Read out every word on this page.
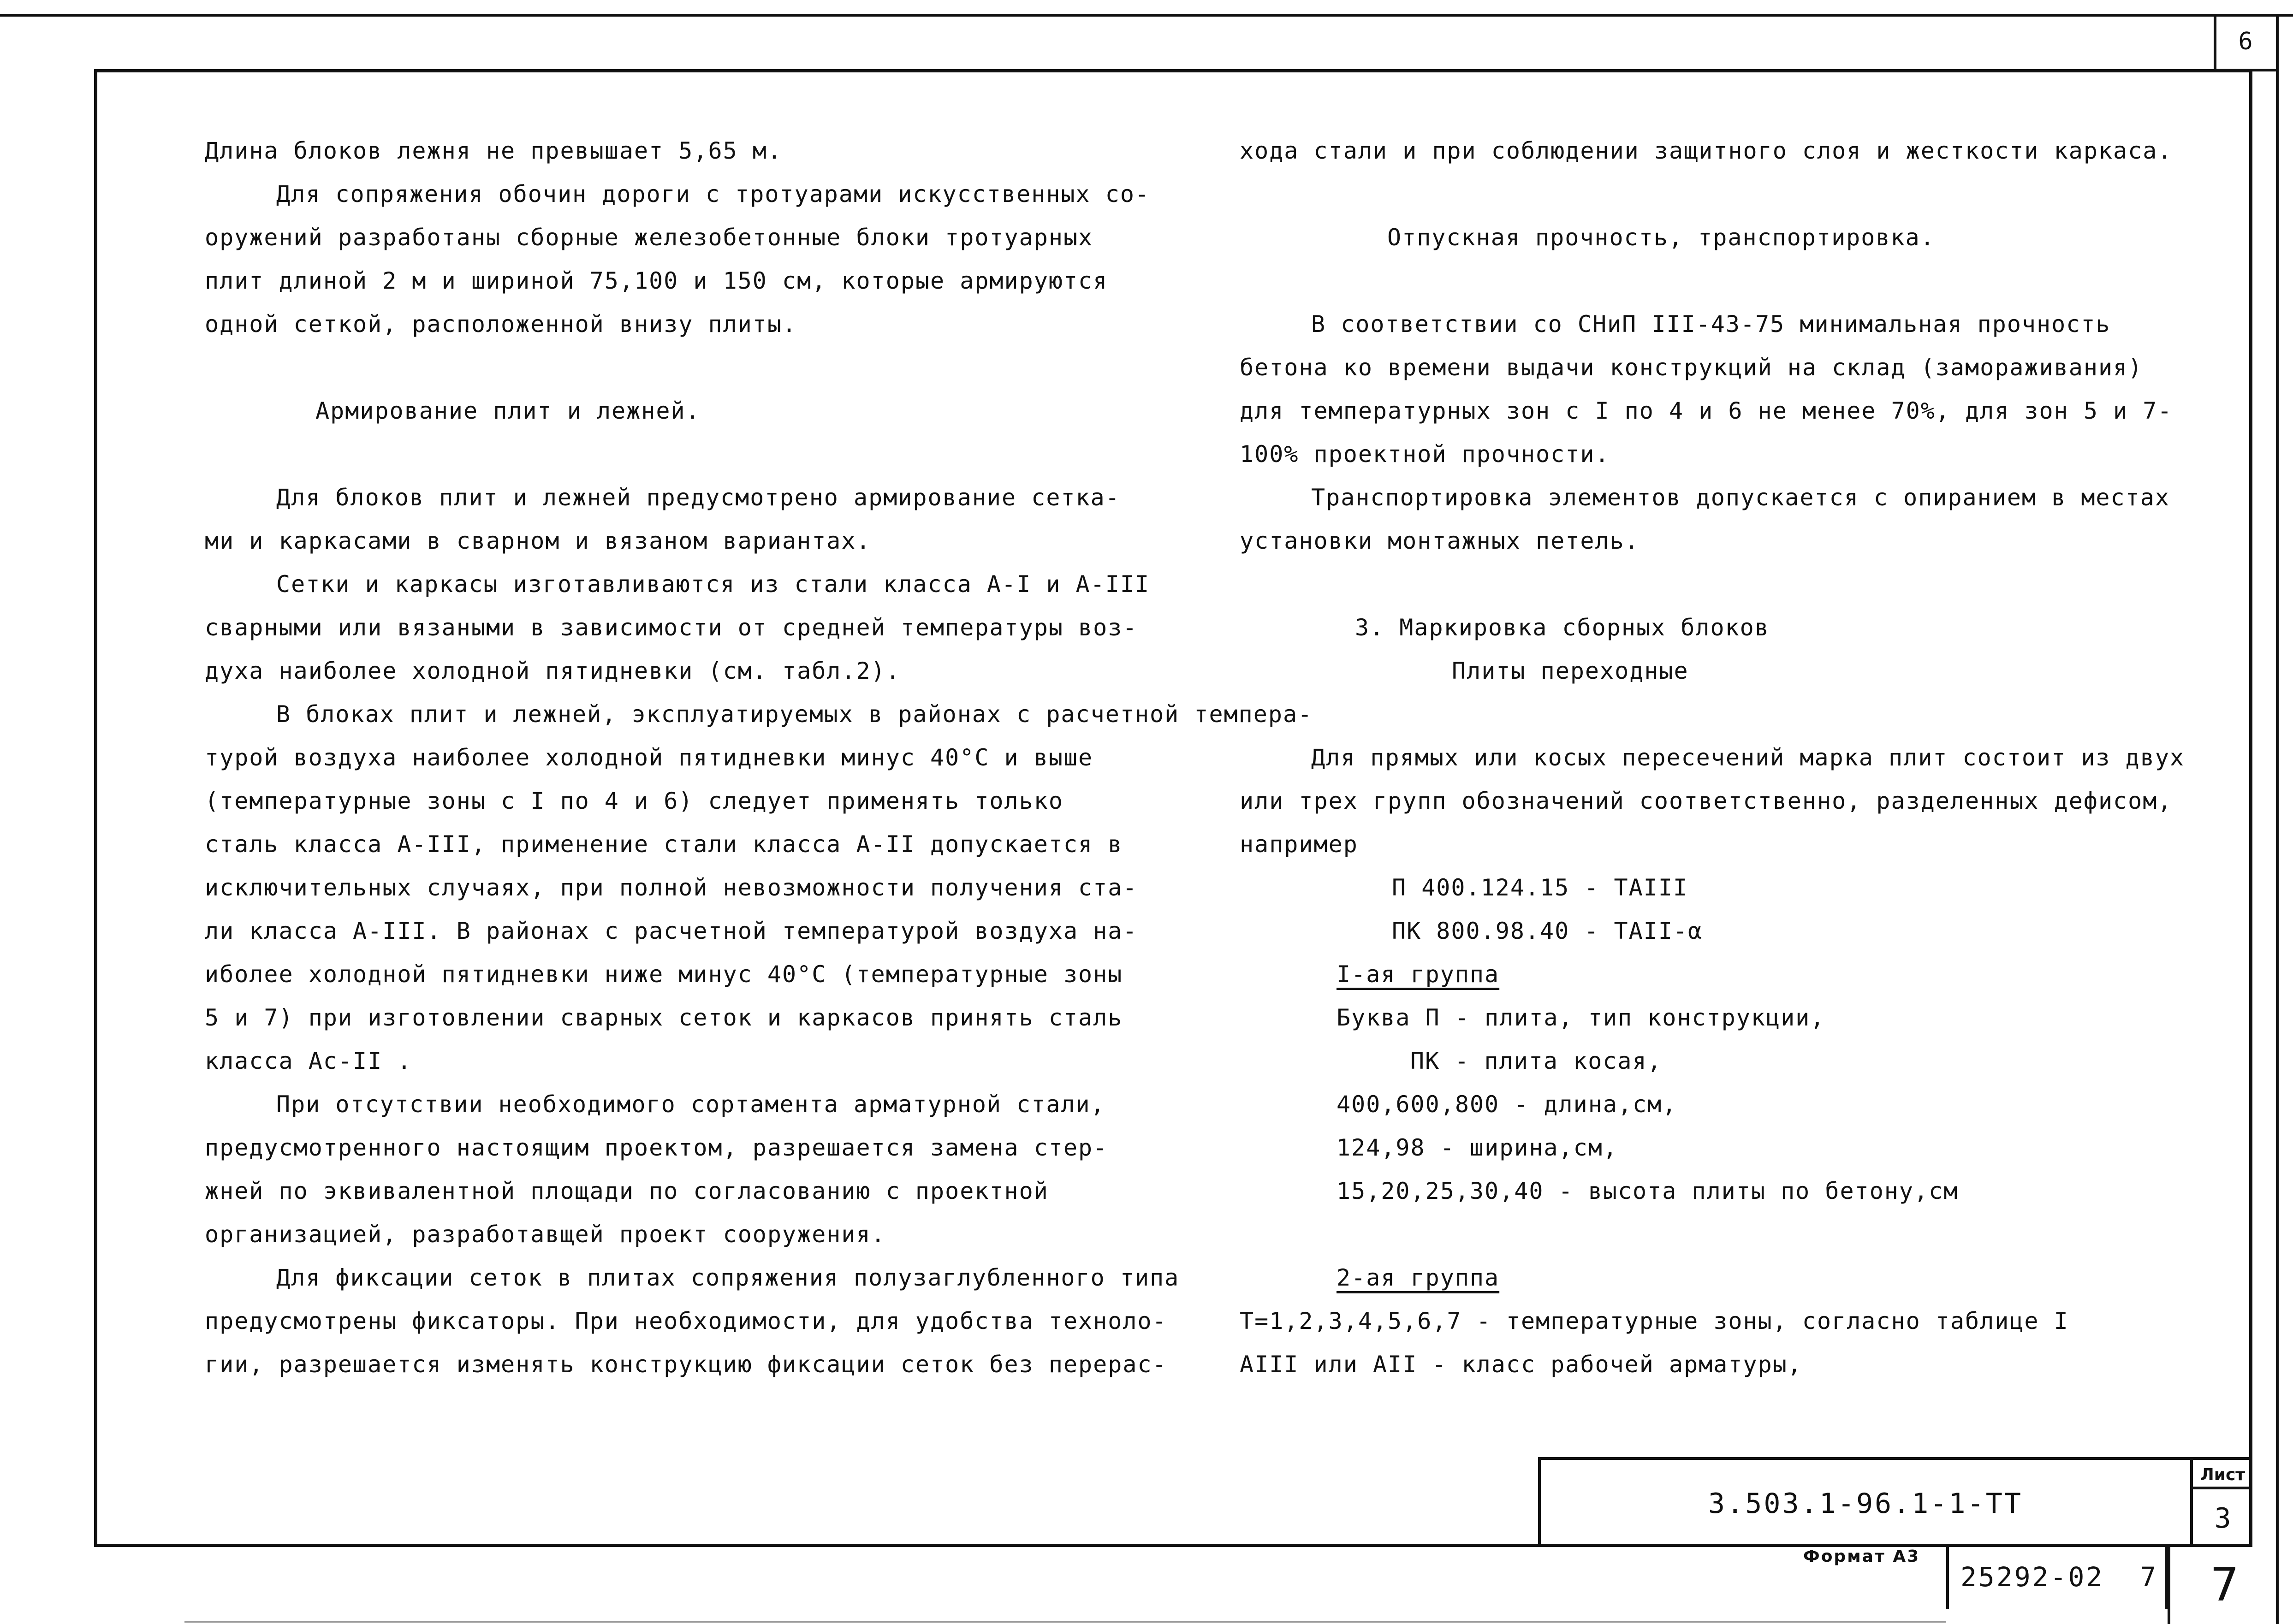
6

Длина блоков лежня не превышает 5,65 м.

Для сопряжения обочин дороги с тротуарами искусственных со-

оружений разработаны сборные железобетонные блоки тротуарных

плит длиной 2 м и шириной 75,100 и 150 см, которые армируются

одной сеткой, расположенной внизу плиты.

Армирование плит и лежней.

Для блоков плит и лежней предусмотрено армирование сетка-

ми и каркасами в сварном и вязаном вариантах.

Сетки и каркасы изготавливаются из стали класса А-I и А-III

сварными или вязаными в зависимости от средней температуры воз-

духа наиболее холодной пятидневки (см. табл.2).

В блоках плит и лежней, эксплуатируемых в районах с расчетной темпера-

турой воздуха наиболее холодной пятидневки минус 40°С и выше

(температурные зоны с I по 4 и 6) следует применять только

сталь класса А-III, применение стали класса А-II допускается в

исключительных случаях, при полной невозможности получения ста-

ли класса А-III. В районах с расчетной температурой воздуха на-

иболее холодной пятидневки ниже минус 40°С (температурные зоны

5 и 7) при изготовлении сварных сеток и каркасов принять сталь

класса Ас-II .

При отсутствии необходимого сортамента арматурной стали,

предусмотренного настоящим проектом, разрешается замена стер-

жней по эквивалентной площади по согласованию с проектной

организацией, разработавщей проект сооружения.

Для фиксации сеток в плитах сопряжения полузаглубленного типа

предусмотрены фиксаторы. При необходимости, для удобства техноло-

гии, разрешается изменять конструкцию фиксации сеток без перерас-

хода стали и при соблюдении защитного слоя и жесткости каркаса.

Отпускная прочность, транспортировка.

В соответствии со СНиП III-43-75 минимальная прочность

бетона ко времени выдачи конструкций на склад (замораживания)

для температурных зон с I по 4 и 6 не менее 70%, для зон 5 и 7-

100% проектной прочности.

Транспортировка элементов допускается с опиранием в местах

установки монтажных петель.

3. Маркировка сборных блоков

Плиты переходные

Для прямых или косых пересечений марка плит состоит из двух

или трех групп обозначений соответственно, разделенных дефисом,

например

П 400.124.15 - ТАIII

ПК 800.98.40 - ТАII-α

I-ая группа

Буква П - плита, тип конструкции,

ПК - плита косая,

400,600,800 - длина,см,

124,98 - ширина,см,

15,20,25,30,40 - высота плиты по бетону,см

2-ая группа

Т=1,2,3,4,5,6,7 - температурные зоны, согласно таблице I

АIII или АII - класс рабочей арматуры,

3.503.1-96.1-1-ТТ
Лист
3
Формат А3
25292-02  7 7
